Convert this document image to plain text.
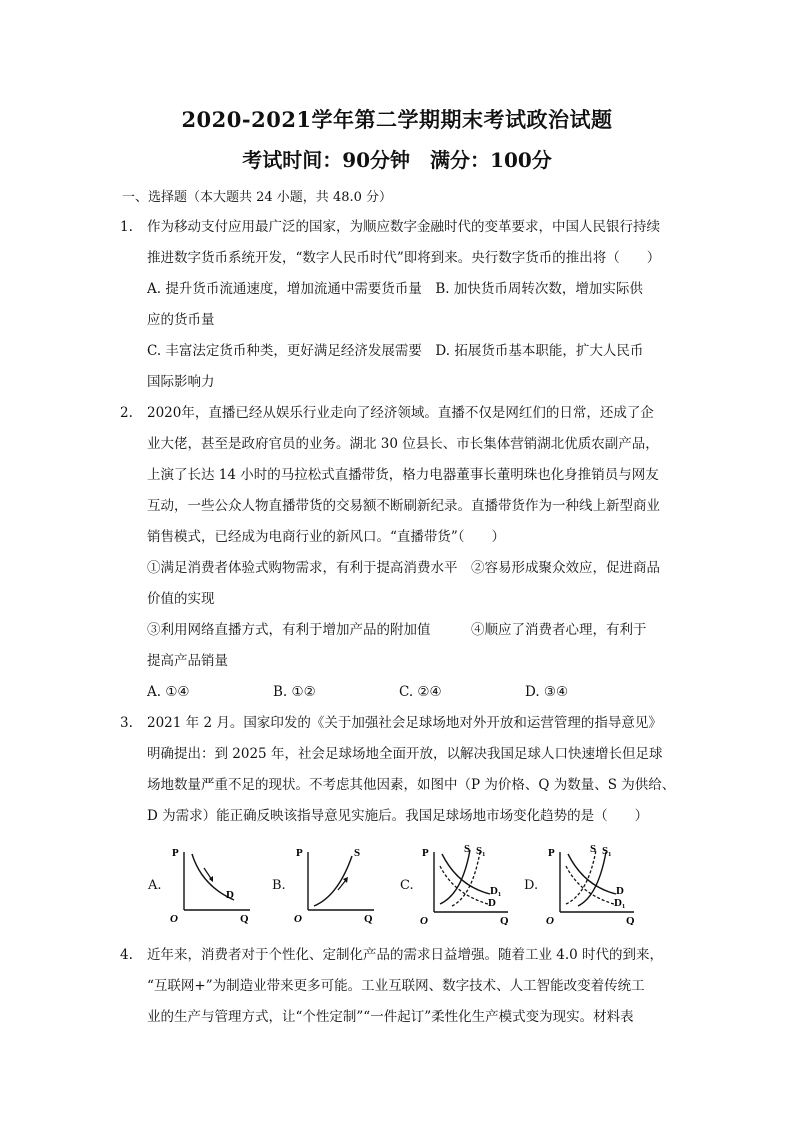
2020-2021学年第二学期期末考试政治试题
考试时间：90分钟　满分：100分
一、选择题（本大题共 24 小题，共 48.0 分）
1. 作为移动支付应用最广泛的国家，为顺应数字金融时代的变革要求，中国人民银行持续
推进数字货币系统开发，“数字人民币时代”即将到来。央行数字货币的推出将（　　）
A. 提升货币流通速度，增加流通中需要货币量　B. 加快货币周转次数，增加实际供
应的货币量
C. 丰富法定货币种类，更好满足经济发展需要　D. 拓展货币基本职能，扩大人民币
国际影响力
2. 2020年，直播已经从娱乐行业走向了经济领域。直播不仅是网红们的日常，还成了企
业大佬，甚至是政府官员的业务。湖北 30 位县长、市长集体营销湖北优质农副产品，
上演了长达 14 小时的马拉松式直播带货，格力电器董事长董明珠也化身推销员与网友
互动，一些公众人物直播带货的交易额不断刷新纪录。直播带货作为一种线上新型商业
销售模式，已经成为电商行业的新风口。“直播带货”（　　）
①满足消费者体验式购物需求，有利于提高消费水平　②容易形成聚众效应，促进商品
价值的实现
③利用网络直播方式，有利于增加产品的附加值　　　④顺应了消费者心理，有利于
提高产品销量
A. ①④	B. ①②	C. ②④	D. ③④
3. 2021 年 2 月。国家印发的《关于加强社会足球场地对外开放和运营管理的指导意见》
明确提出：到 2025 年，社会足球场地全面开放，以解决我国足球人口快速增长但足球
场地数量严重不足的现状。不考虑其他因素，如图中（P 为价格、Q 为数量、S 为供给、
D 为需求）能正确反映该指导意见实施后。我国足球场地市场变化趋势的是（　　）
A.
P
Q
O
D
B.
P
Q
O
S
C.
P
Q
O
S S₁
D₁
D
D.
P
Q
O
S S₁
D
D₁
4. 近年来，消费者对于个性化、定制化产品的需求日益增强。随着工业 4.0 时代的到来，
“互联网+”为制造业带来更多可能。工业互联网、数字技术、人工智能改变着传统工
业的生产与管理方式，让“个性定制”“一件起订”柔性化生产模式变为现实。材料表
